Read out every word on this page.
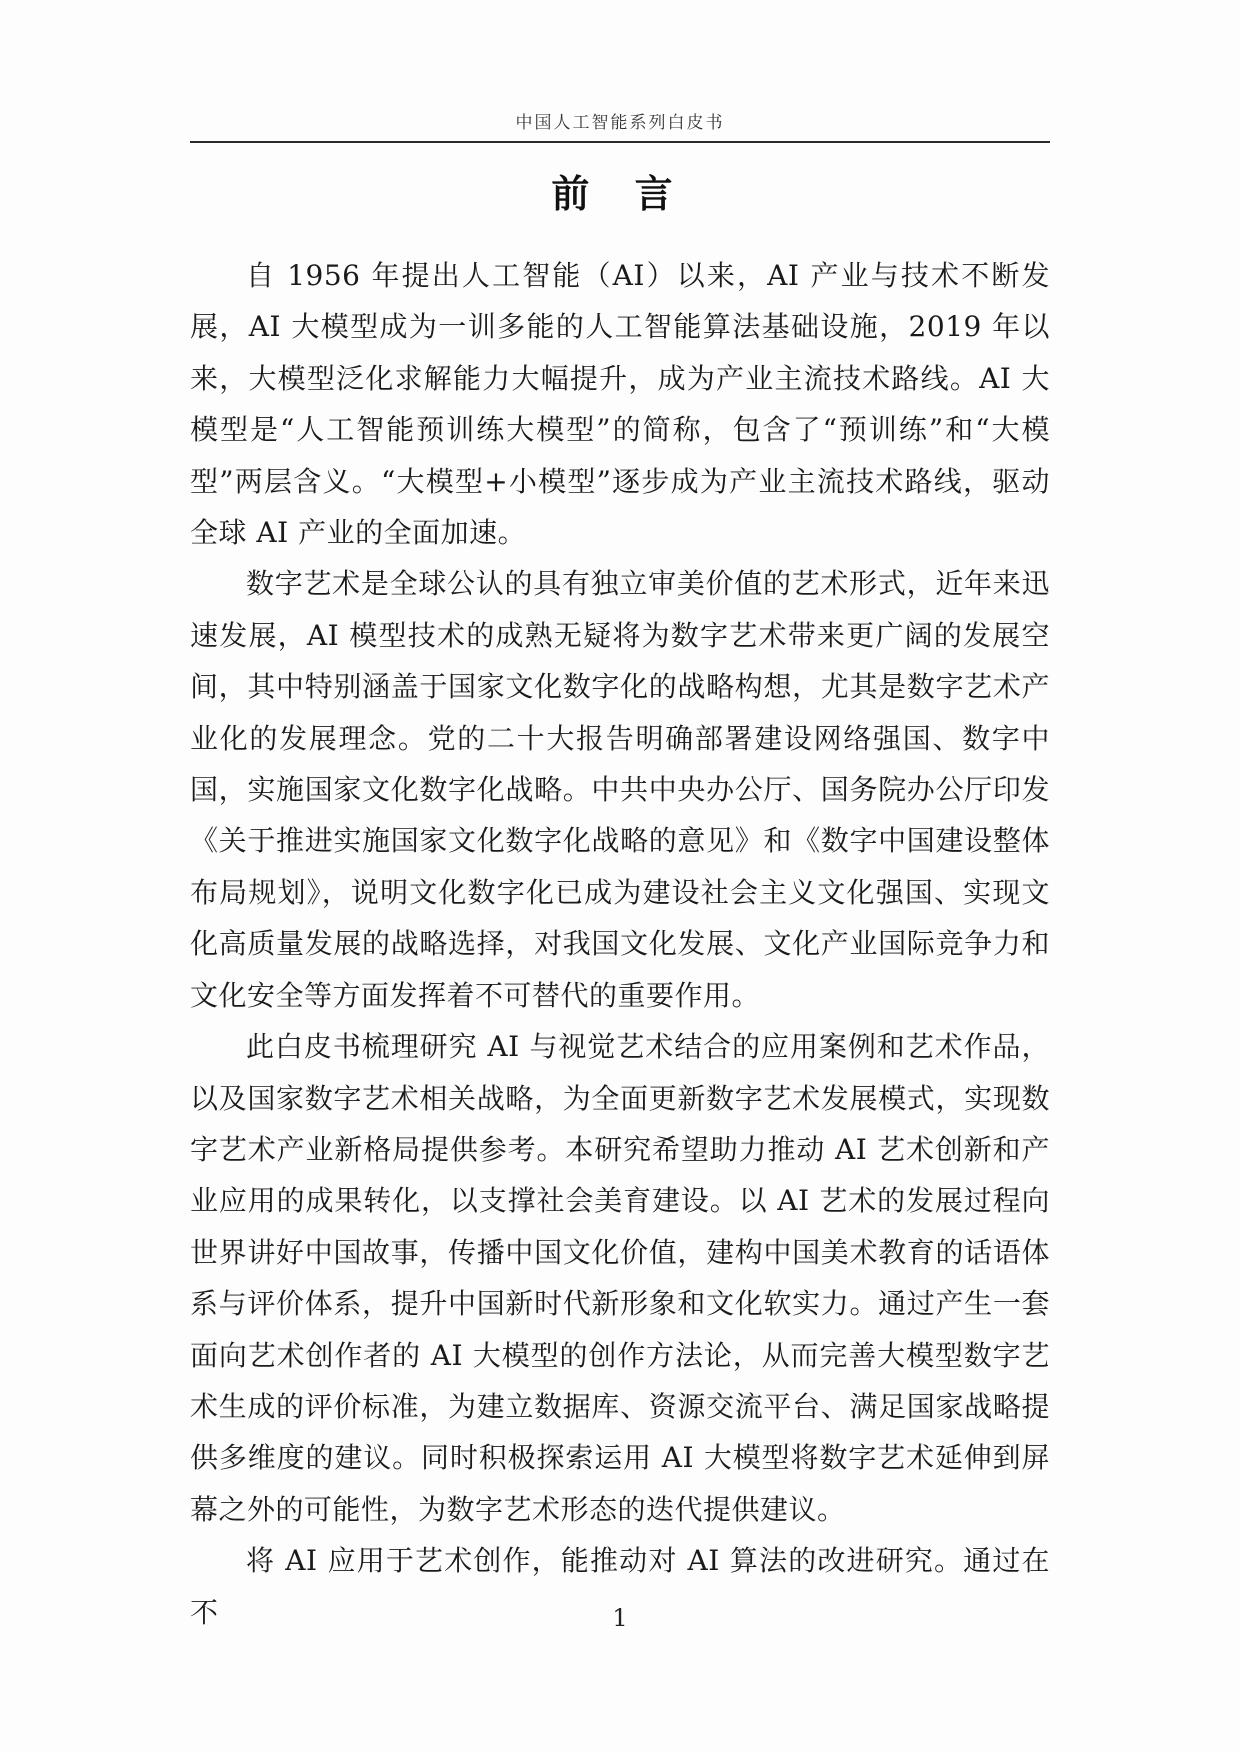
中国人工智能系列白皮书
前 言

自 1956 年提出人工智能（AI）以来，AI 产业与技术不断发展，AI 大模型成为一训多能的人工智能算法基础设施，2019 年以来，大模型泛化求解能力大幅提升，成为产业主流技术路线。AI 大模型是“人工智能预训练大模型”的简称，包含了“预训练”和“大模型”两层含义。“大模型+小模型”逐步成为产业主流技术路线，驱动全球 AI 产业的全面加速。

数字艺术是全球公认的具有独立审美价值的艺术形式，近年来迅速发展，AI 模型技术的成熟无疑将为数字艺术带来更广阔的发展空间，其中特别涵盖于国家文化数字化的战略构想，尤其是数字艺术产业化的发展理念。党的二十大报告明确部署建设网络强国、数字中国，实施国家文化数字化战略。中共中央办公厅、国务院办公厅印发《关于推进实施国家文化数字化战略的意见》和《数字中国建设整体布局规划》，说明文化数字化已成为建设社会主义文化强国、实现文化高质量发展的战略选择，对我国文化发展、文化产业国际竞争力和文化安全等方面发挥着不可替代的重要作用。

此白皮书梳理研究 AI 与视觉艺术结合的应用案例和艺术作品，以及国家数字艺术相关战略，为全面更新数字艺术发展模式，实现数字艺术产业新格局提供参考。本研究希望助力推动 AI 艺术创新和产业应用的成果转化，以支撑社会美育建设。以 AI 艺术的发展过程向世界讲好中国故事，传播中国文化价值，建构中国美术教育的话语体系与评价体系，提升中国新时代新形象和文化软实力。通过产生一套面向艺术创作者的 AI 大模型的创作方法论，从而完善大模型数字艺术生成的评价标准，为建立数据库、资源交流平台、满足国家战略提供多维度的建议。同时积极探索运用 AI 大模型将数字艺术延伸到屏幕之外的可能性，为数字艺术形态的迭代提供建议。

将 AI 应用于艺术创作，能推动对 AI 算法的改进研究。通过在不	1
